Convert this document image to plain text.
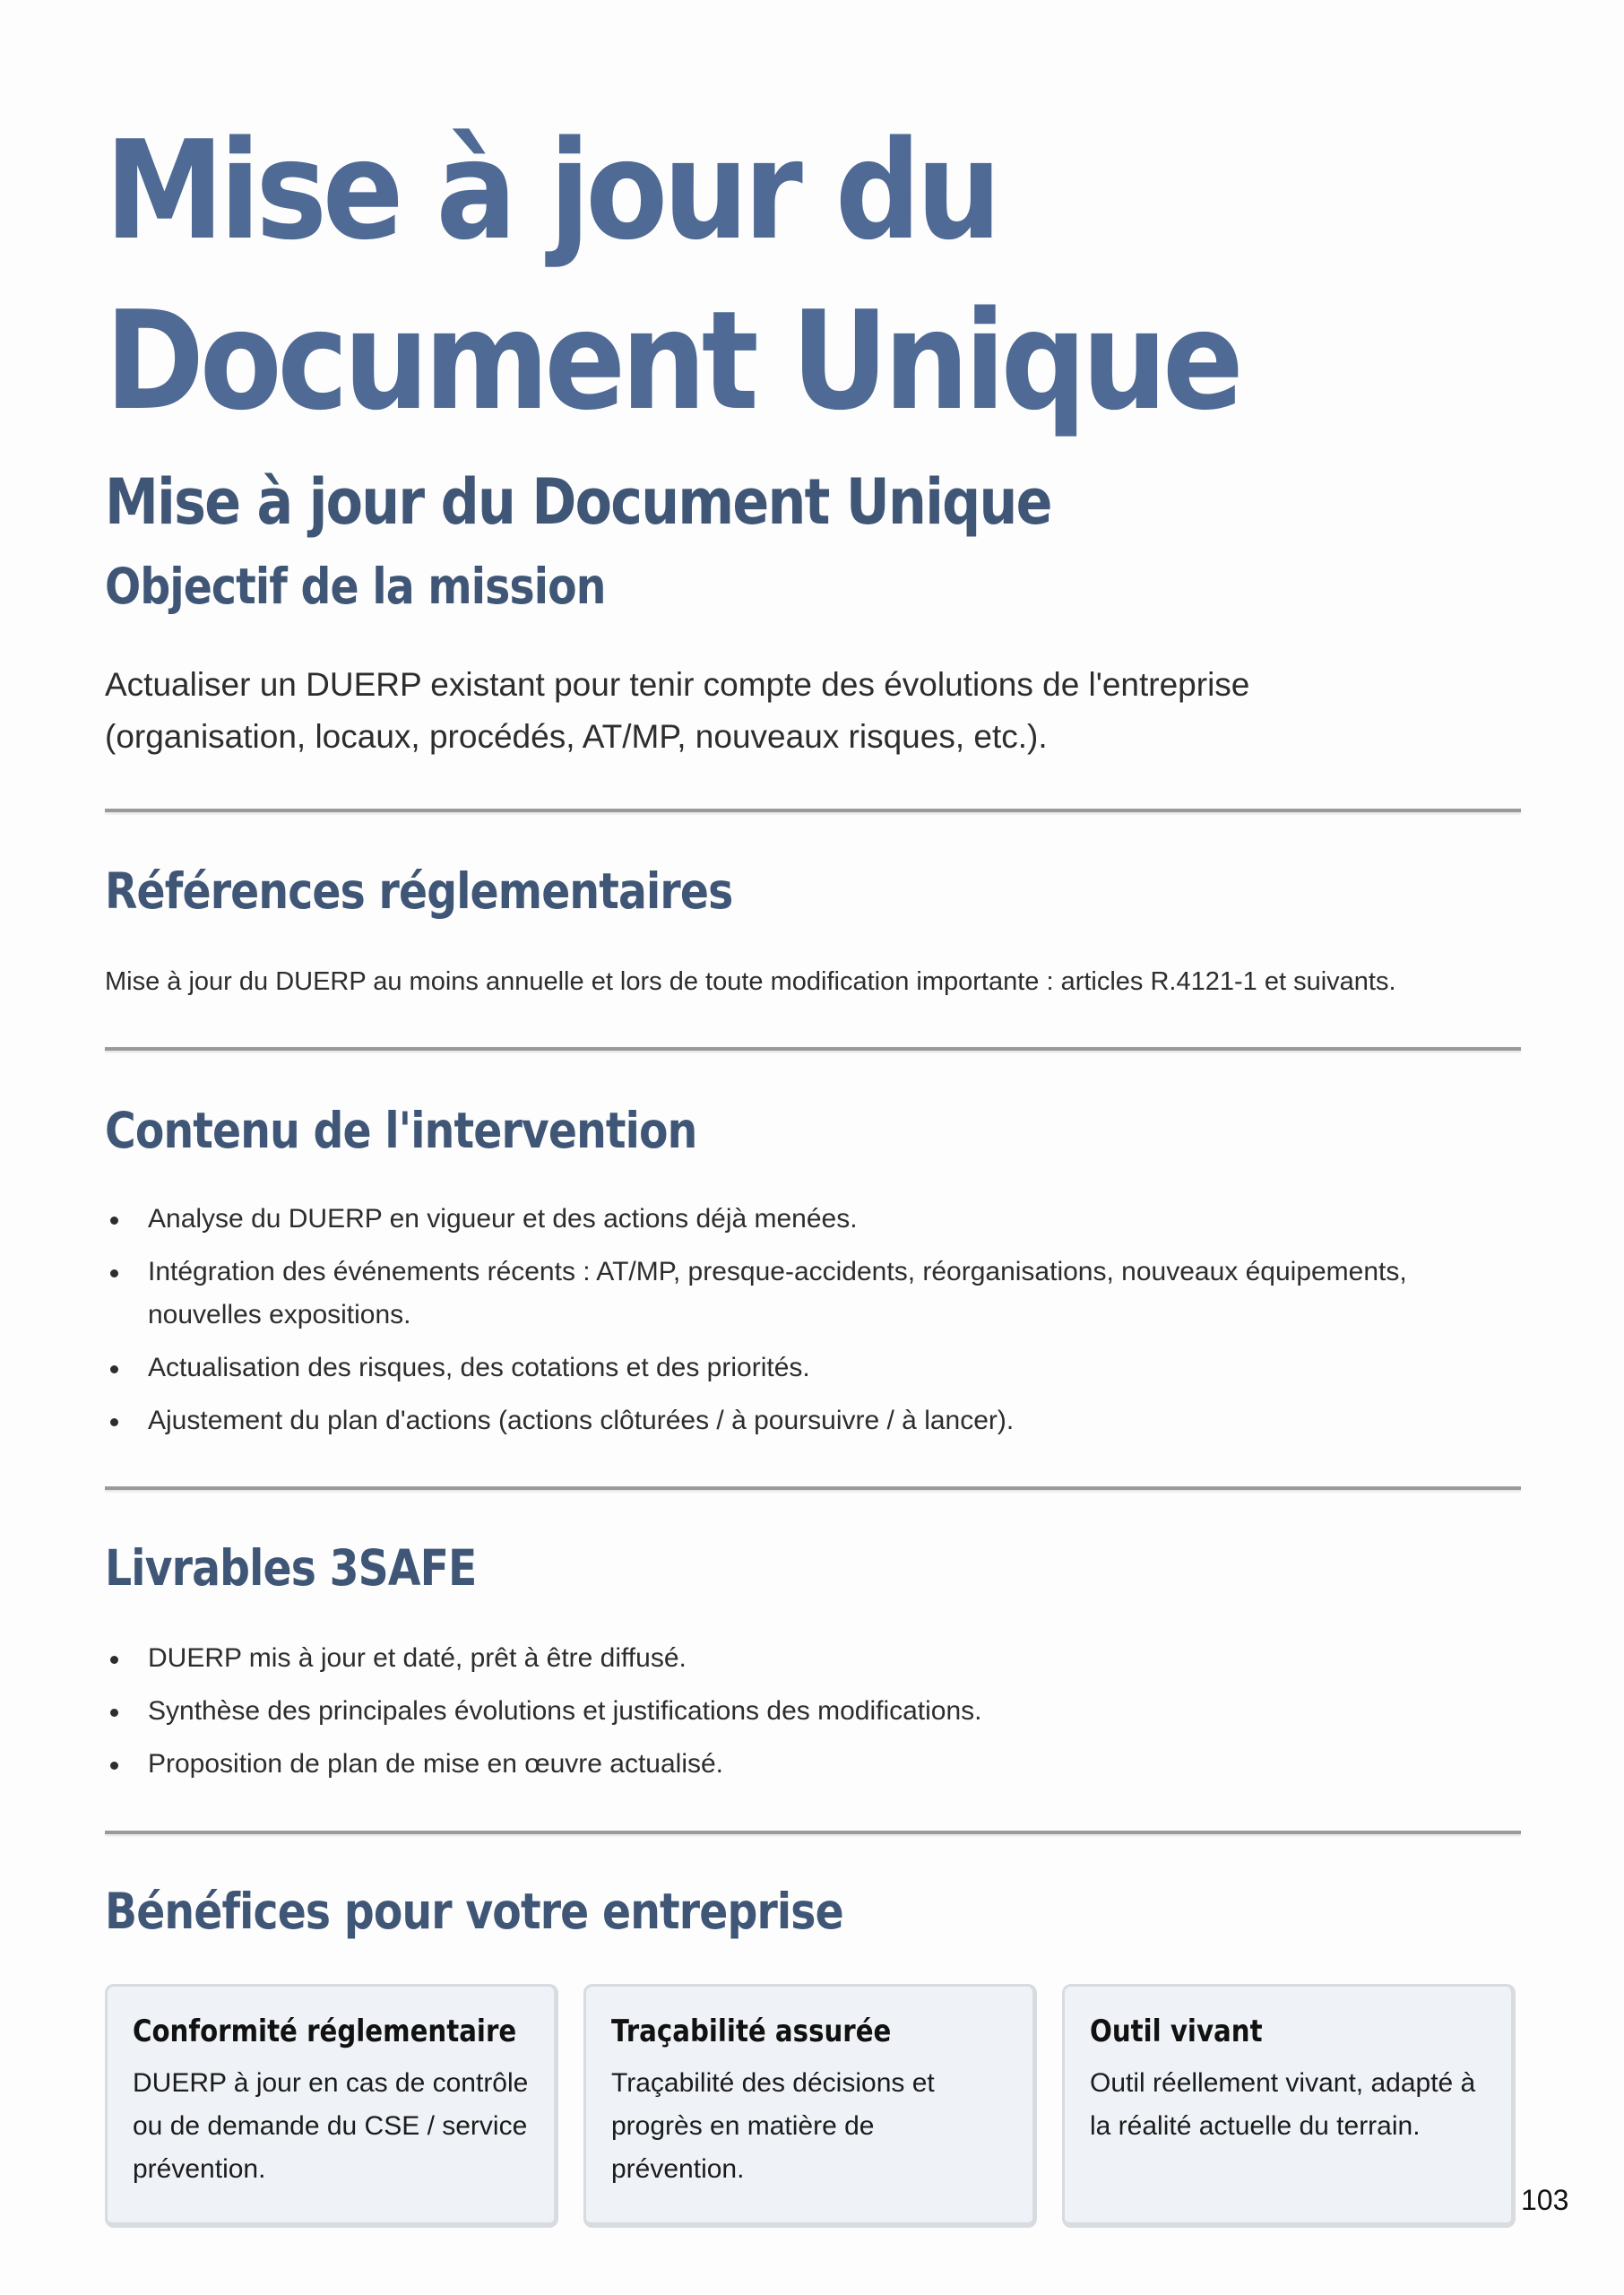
Mise à jour du
Document Unique
Mise à jour du Document Unique
Objectif de la mission

Actualiser un DUERP existant pour tenir compte des évolutions de l'entreprise (organisation, locaux, procédés, AT/MP, nouveaux risques, etc.).

Références réglementaires

Mise à jour du DUERP au moins annuelle et lors de toute modification importante : articles R.4121-1 et suivants.

Contenu de l'intervention
Analyse du DUERP en vigueur et des actions déjà menées.
Intégration des événements récents : AT/MP, presque-accidents, réorganisations, nouveaux équipements, nouvelles expositions.
Actualisation des risques, des cotations et des priorités.
Ajustement du plan d'actions (actions clôturées / à poursuivre / à lancer).
Livrables 3SAFE
DUERP mis à jour et daté, prêt à être diffusé.
Synthèse des principales évolutions et justifications des modifications.
Proposition de plan de mise en œuvre actualisé.
Bénéfices pour votre entreprise
Conformité réglementaire

DUERP à jour en cas de contrôle ou de demande du CSE / service prévention.

Traçabilité assurée

Traçabilité des décisions et progrès en matière de prévention.

Outil vivant

Outil réellement vivant, adapté à la réalité actuelle du terrain.

103
